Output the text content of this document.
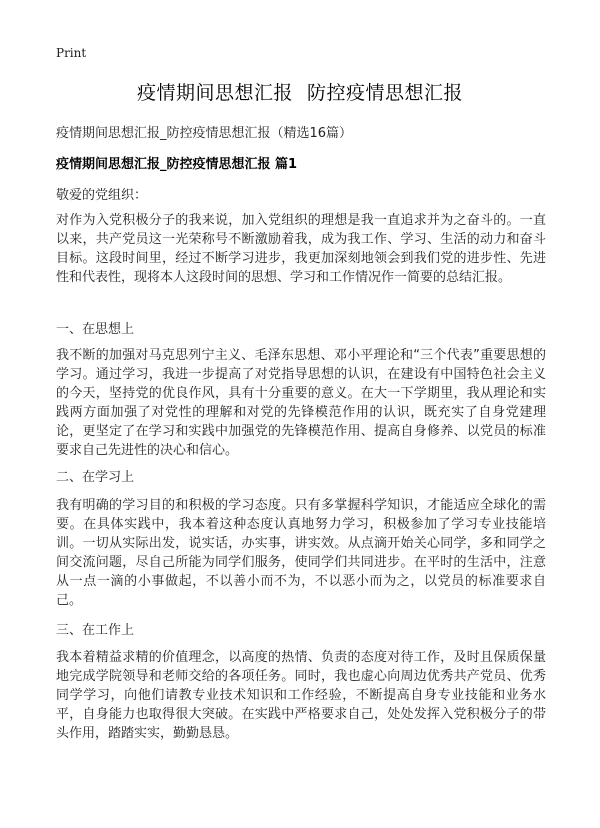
Print
疫情期间思想汇报 防控疫情思想汇报
疫情期间思想汇报_防控疫情思想汇报（精选16篇）
疫情期间思想汇报_防控疫情思想汇报 篇1
敬爱的党组织：

对作为入党积极分子的我来说，加入党组织的理想是我一直追求并为之奋斗的。一直以来，共产党员这一光荣称号不断激励着我，成为我工作、学习、生活的动力和奋斗目标。这段时间里，经过不断学习进步，我更加深刻地领会到我们党的进步性、先进性和代表性，现将本人这段时间的思想、学习和工作情况作一简要的总结汇报。

一、在思想上

我不断的加强对马克思列宁主义、毛泽东思想、邓小平理论和“三个代表”重要思想的学习。通过学习，我进一步提高了对党指导思想的认识，在建设有中国特色社会主义的今天，坚持党的优良作风，具有十分重要的意义。在大一下学期里，我从理论和实践两方面加强了对党性的理解和对党的先锋模范作用的认识，既充实了自身党建理论，更坚定了在学习和实践中加强党的先锋模范作用、提高自身修养、以党员的标准要求自己先进性的决心和信心。

二、在学习上

我有明确的学习目的和积极的学习态度。只有多掌握科学知识，才能适应全球化的需要。在具体实践中，我本着这种态度认真地努力学习，积极参加了学习专业技能培训。一切从实际出发，说实话，办实事，讲实效。从点滴开始关心同学，多和同学之间交流问题，尽自己所能为同学们服务，使同学们共同进步。在平时的生活中，注意从一点一滴的小事做起，不以善小而不为，不以恶小而为之，以党员的标准要求自己。

三、在工作上

我本着精益求精的价值理念，以高度的热情、负责的态度对待工作，及时且保质保量地完成学院领导和老师交给的各项任务。同时，我也虚心向周边优秀共产党员、优秀同学学习，向他们请教专业技术知识和工作经验，不断提高自身专业技能和业务水平，自身能力也取得很大突破。在实践中严格要求自己，处处发挥入党积极分子的带头作用，踏踏实实，勤勤恳恳。
